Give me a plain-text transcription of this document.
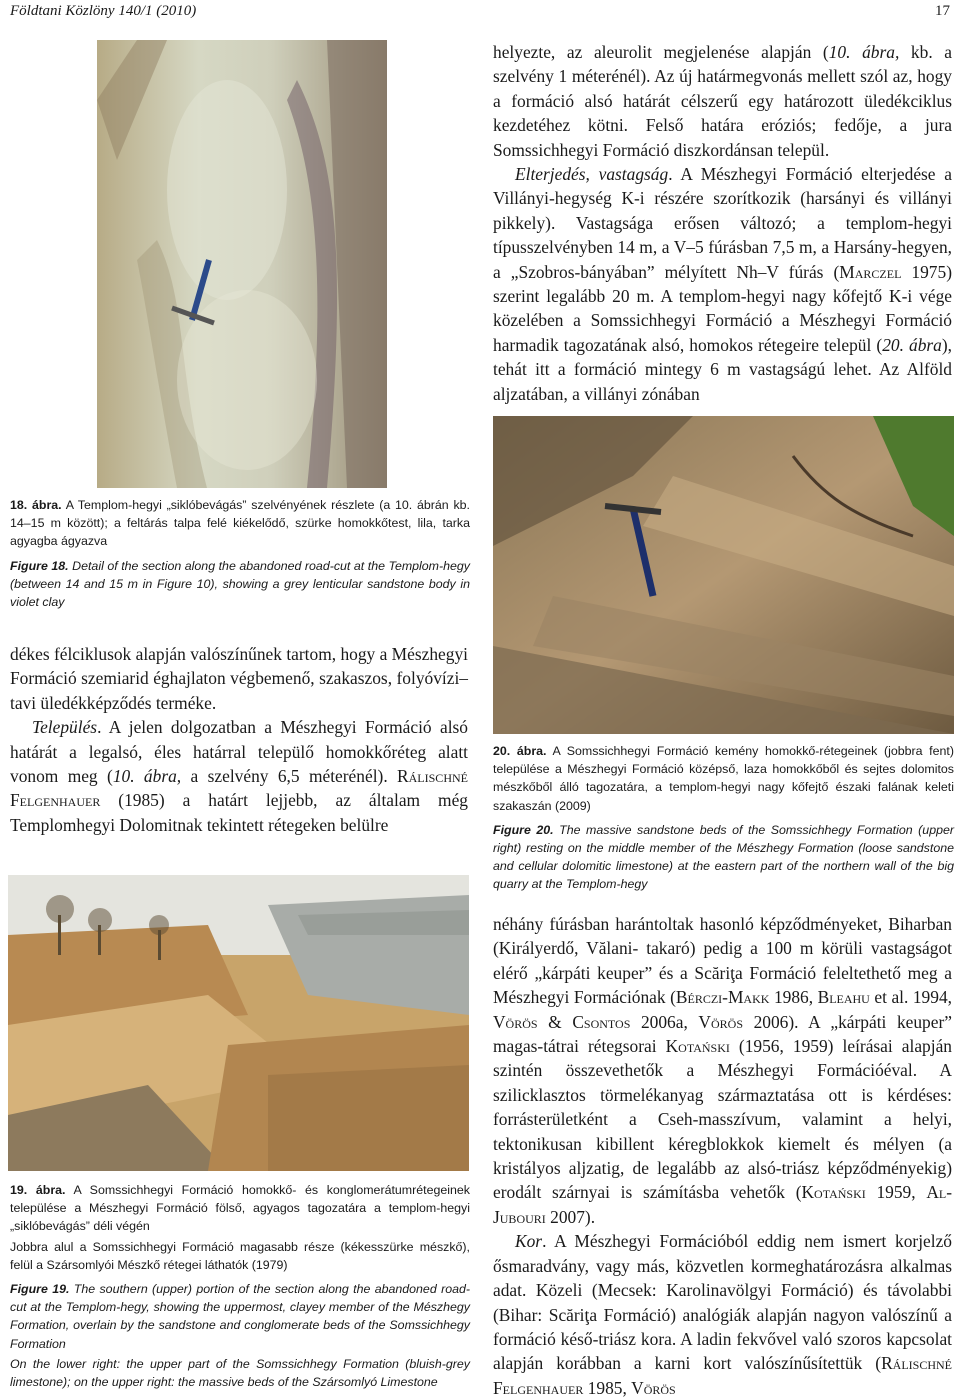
Földtani Közlöny 140/1 (2010)	17

helyezte, az aleurolit megjelenése alapján (10. ábra, kb. a szelvény 1 méterénél). Az új határmegvonás mellett szól az, hogy a formáció alsó határát célszerű egy határozott üledékciklus kezdetéhez kötni. Felső határa eróziós; fedője, a jura Somssichhegyi Formáció diszkordánsan települ.

Elterjedés, vastagság. A Mészhegyi Formáció elterjedése a Villányi-hegység K-i részére szorítkozik (harsányi és villányi pikkely). Vastagsága erősen változó; a templom-hegyi típusszelvényben 14 m, a V–5 fúrásban 7,5 m, a Harsány-hegyen, a „Szobros-bányában” mélyített Nh–V fúrás (Marczel 1975) szerint legalább 20 m. A templom-hegyi nagy kőfejtő K-i vége közelében a Somssichhegyi Formáció a Mészhegyi Formáció harmadik tagozatának alsó, homokos rétegeire települ (20. ábra), tehát itt a formáció mintegy 6 m vastagságú lehet. Az Alföld aljzatában, a villányi zónában

18. ábra. A Templom-hegyi „siklóbevágás” szelvényének részlete (a 10. ábrán kb. 14–15 m között); a feltárás talpa felé kiékelődő, szürke homokkőtest, lila, tarka agyagba ágyazva

Figure 18. Detail of the section along the abandoned road-cut at the Templom-hegy (between 14 and 15 m in Figure 10), showing a grey lenticular sandstone body in violet clay

dékes félciklusok alapján valószínűnek tartom, hogy a Mészhegyi Formáció szemiarid éghajlaton végbemenő, szakaszos, folyóvízi–tavi üledékképződés terméke.

Település. A jelen dolgozatban a Mészhegyi Formáció alsó határát a legalsó, éles határral települő homokkőréteg alatt vonom meg (10. ábra, a szelvény 6,5 méterénél). Rálischné Felgenhauer (1985) a határt lejjebb, az általam még Templomhegyi Dolomitnak tekintett rétegeken belülre

20. ábra. A Somssichhegyi Formáció kemény homokkő-rétegeinek (jobbra fent) települése a Mészhegyi Formáció középső, laza homokkőből és sejtes dolomitos mészkőből álló tagozatára, a templom-hegyi nagy kőfejtő északi falának keleti szakaszán (2009)

Figure 20. The massive sandstone beds of the Somssichhegy Formation (upper right) resting on the middle member of the Mészhegy Formation (loose sandstone and cellular dolomitic limestone) at the eastern part of the northern wall of the big quarry at the Templom-hegy

néhány fúrásban harántoltak hasonló képződményeket, Biharban (Királyerdő, Vălani- takaró) pedig a 100 m körüli vastagságot elérő „kárpáti keuper” és a Scăriţa Formáció feleltethető meg a Mészhegyi Formációnak (Bérczi-Makk 1986, Bleahu et al. 1994, Vörös & Csontos 2006a, Vörös 2006). A „kárpáti keuper” magas-tátrai rétegsorai Kotański (1956, 1959) leírásai alapján szintén összevethetők a Mészhegyi Formációéval. A szilicklasztos törmelékanyag származtatása ott is kérdéses: forrásterületként a Cseh-masszívum, valamint a helyi, tektonikusan kibillent kéregblokkok kiemelt és mélyen (a kristályos aljzatig, de legalább az alsó-triász képződményekig) erodált szárnyai is számításba vehetők (Kotański 1959, Al-Jubouri 2007).

Kor. A Mészhegyi Formációból eddig nem ismert korjelző ősmaradvány, vagy más, közvetlen kormeghatározásra alkalmas adat. Közeli (Mecsek: Karolinavölgyi Formáció) és távolabbi (Bihar: Scăriţa Formáció) analógiák alapján nagyon valószínű a formáció késő-triász kora. A ladin fekvővel való szoros kapcsolat alapján korábban a karni kort valószínűsítettük (Rálischné Felgenhauer 1985, Vörös

19. ábra. A Somssichhegyi Formáció homokkő- és konglomerátumrétegeinek települése a Mészhegyi Formáció fölső, agyagos tagozatára a templom-hegyi „siklóbevágás” déli végén

Jobbra alul a Somssichhegyi Formáció magasabb része (kékesszürke mészkő), felül a Szársomlyói Mészkő rétegei láthatók (1979)

Figure 19. The southern (upper) portion of the section along the abandoned road-cut at the Templom-hegy, showing the uppermost, clayey member of the Mészhegy Formation, overlain by the sandstone and conglomerate beds of the Somssichhegy Formation

On the lower right: the upper part of the Somssichhegy Formation (bluish-grey limestone); on the upper right: the massive beds of the Szársomlyó Limestone
